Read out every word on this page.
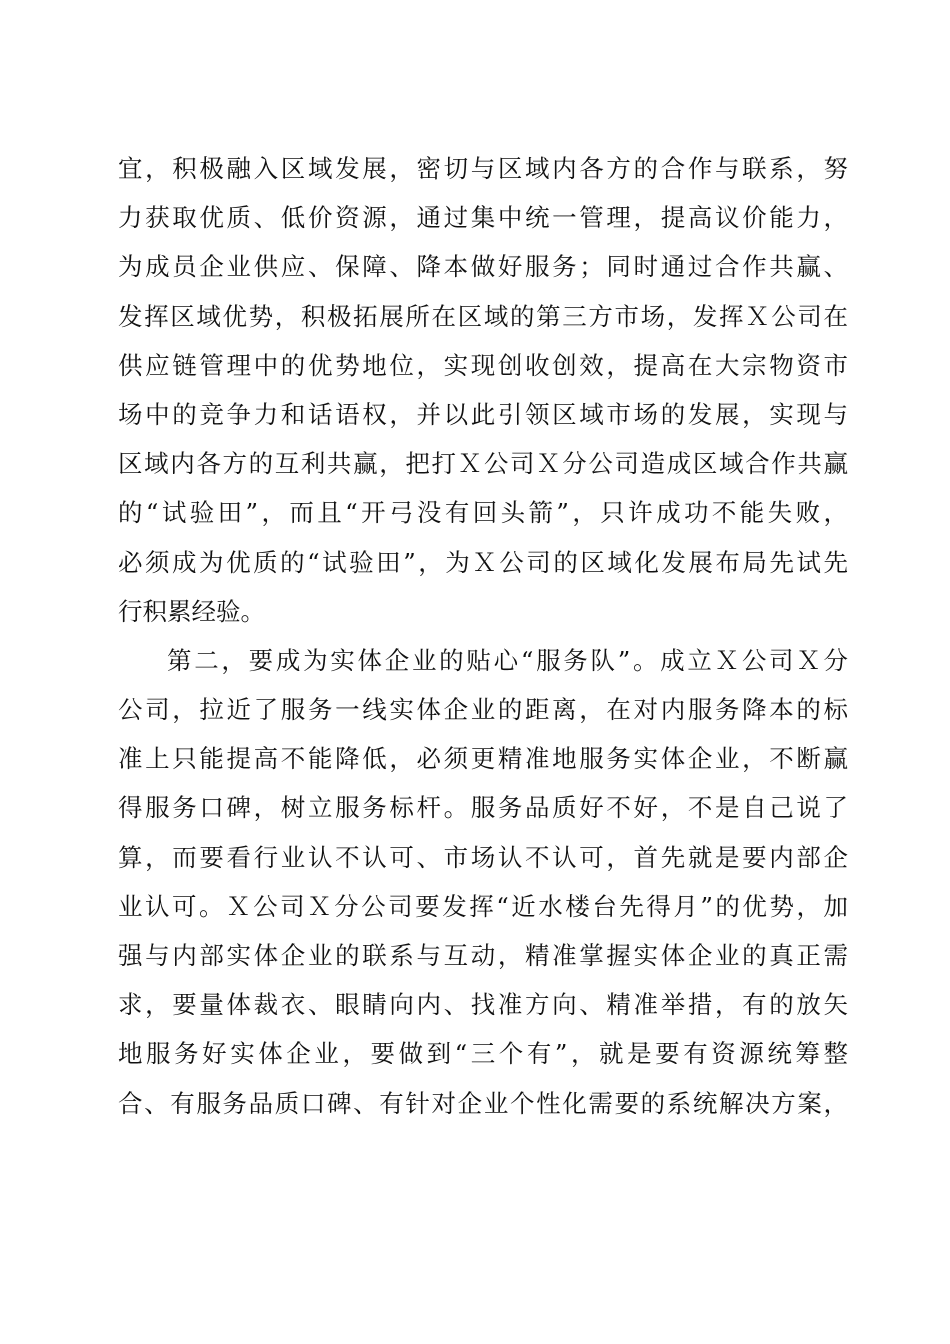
宜，积极融入区域发展，密切与区域内各方的合作与联系，努
力获取优质、低价资源，通过集中统一管理，提高议价能力，
为成员企业供应、保障、降本做好服务；同时通过合作共赢、
发挥区域优势，积极拓展所在区域的第三方市场，发挥Ｘ公司在
供应链管理中的优势地位，实现创收创效，提高在大宗物资市
场中的竞争力和话语权，并以此引领区域市场的发展，实现与
区域内各方的互利共赢，把打Ｘ公司Ｘ分公司造成区域合作共赢
的“试验田”，而且“开弓没有回头箭”，只许成功不能失败，
必须成为优质的“试验田”，为Ｘ公司的区域化发展布局先试先
行积累经验。
第二，要成为实体企业的贴心“服务队”。成立Ｘ公司Ｘ分
公司，拉近了服务一线实体企业的距离，在对内服务降本的标
准上只能提高不能降低，必须更精准地服务实体企业，不断赢
得服务口碑，树立服务标杆。服务品质好不好，不是自己说了
算，而要看行业认不认可、市场认不认可，首先就是要内部企
业认可。Ｘ公司Ｘ分公司要发挥“近水楼台先得月”的优势，加
强与内部实体企业的联系与互动，精准掌握实体企业的真正需
求，要量体裁衣、眼睛向内、找准方向、精准举措，有的放矢
地服务好实体企业，要做到“三个有”，就是要有资源统筹整
合、有服务品质口碑、有针对企业个性化需要的系统解决方案，
